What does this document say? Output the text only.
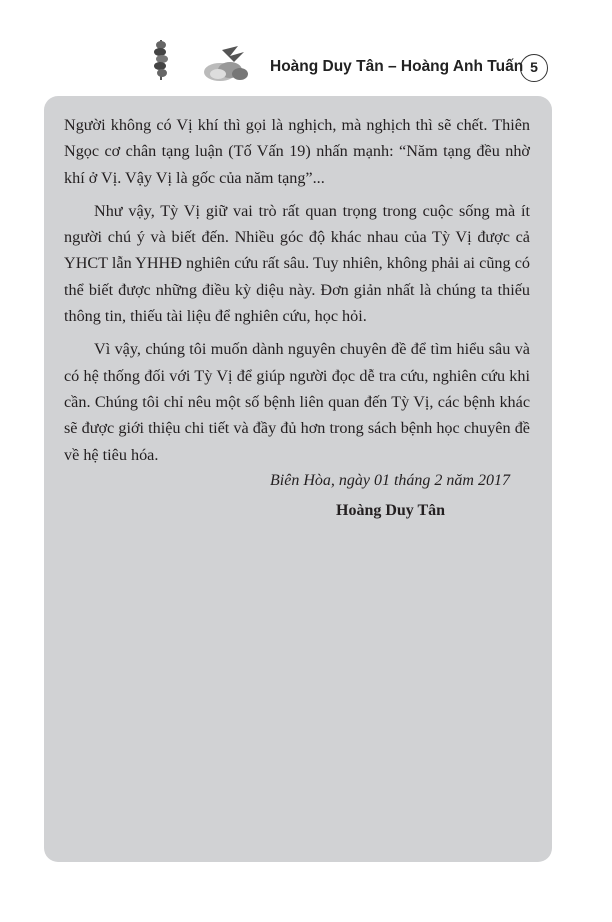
Hoàng Duy Tân – Hoàng Anh Tuấn 5

Người không có Vị khí thì gọi là nghịch, mà nghịch thì sẽ chết. Thiên Ngọc cơ chân tạng luận (Tố Vấn 19) nhấn mạnh: “Năm tạng đều nhờ khí ở Vị. Vậy Vị là gốc của năm tạng”...

Như vậy, Tỳ Vị giữ vai trò rất quan trọng trong cuộc sống mà ít người chú ý và biết đến. Nhiều góc độ khác nhau của Tỳ Vị được cả YHCT lẫn YHHĐ nghiên cứu rất sâu. Tuy nhiên, không phải ai cũng có thể biết được những điều kỳ diệu này. Đơn giản nhất là chúng ta thiếu thông tin, thiếu tài liệu để nghiên cứu, học hỏi.

Vì vậy, chúng tôi muốn dành nguyên chuyên đề để tìm hiểu sâu và có hệ thống đối với Tỳ Vị để giúp người đọc dễ tra cứu, nghiên cứu khi cần. Chúng tôi chỉ nêu một số bệnh liên quan đến Tỳ Vị, các bệnh khác sẽ được giới thiệu chi tiết và đầy đủ hơn trong sách bệnh học chuyên đề về hệ tiêu hóa.

Biên Hòa, ngày 01 tháng 2 năm 2017
Hoàng Duy Tân
